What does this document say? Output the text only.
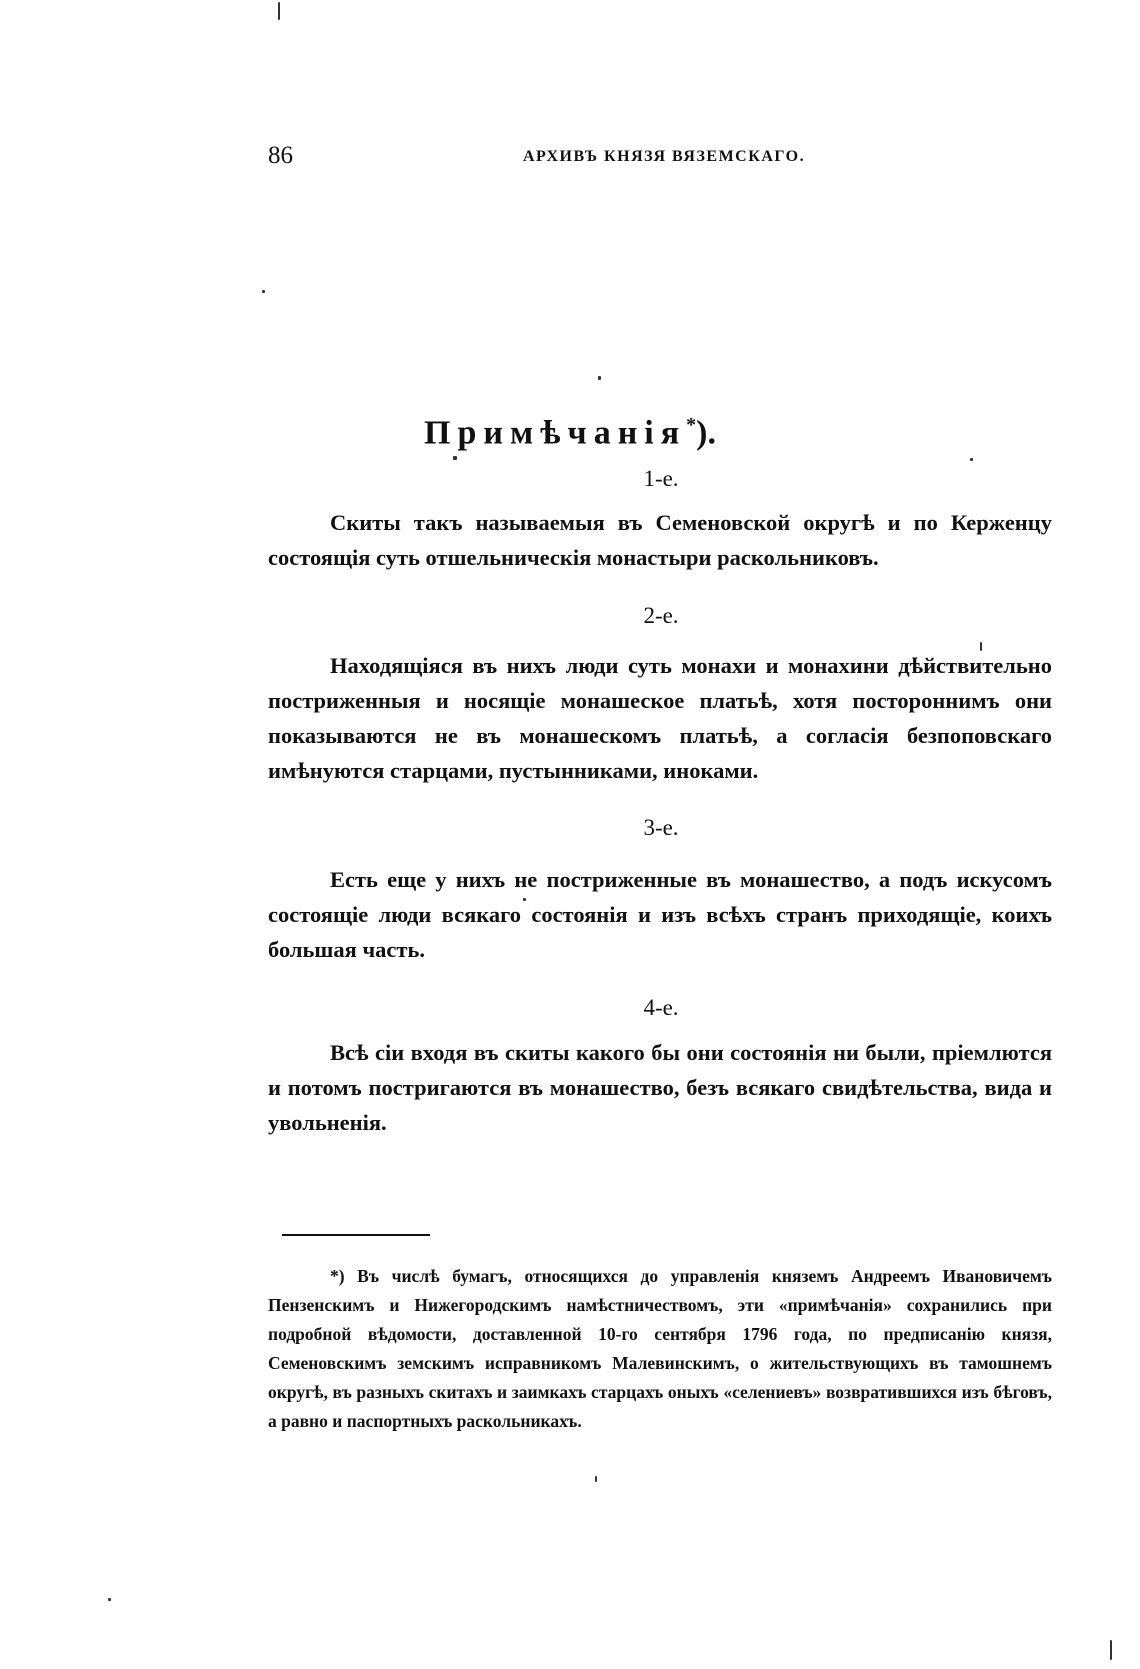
86	АРХИВЪ КНЯЗЯ ВЯЗЕМСКАГО.
Примѣчанія*).
1-е.

Скиты такъ называемыя въ Семеновской округѣ и по Керженцу состоящія суть отшельническія монастыри раскольниковъ.

2-е.

Находящіяся въ нихъ люди суть монахи и монахини дѣйствительно постриженныя и носящіе монашеское платьѣ, хотя постороннимъ они показываются не въ монашескомъ платьѣ, а согласія безпоповскаго имѣнуются старцами, пустынниками, иноками.

3-е.

Есть еще у нихъ не постриженные въ монашество, а подъ искусомъ состоящіе люди всякаго состоянія и изъ всѣхъ странъ приходящіе, коихъ большая часть.

4-е.

Всѣ сіи входя въ скиты какого бы они состоянія ни были, пріемлются и потомъ постригаются въ монашество, безъ всякаго свидѣтельства, вида и увольненія.

*) Въ числѣ бумагъ, относящихся до управленія княземъ Андреемъ Ивановичемъ Пензенскимъ и Нижегородскимъ намѣстничествомъ, эти «примѣчанія» сохранились при подробной вѣдомости, доставленной 10-го сентября 1796 года, по предписанію князя, Семеновскимъ земскимъ исправникомъ Малевинскимъ, о жительствующихъ въ тамошнемъ округѣ, въ разныхъ скитахъ и заимкахъ старцахъ оныхъ «селениевъ» возвратившихся изъ бѣговъ, а равно и паспортныхъ раскольникахъ.
